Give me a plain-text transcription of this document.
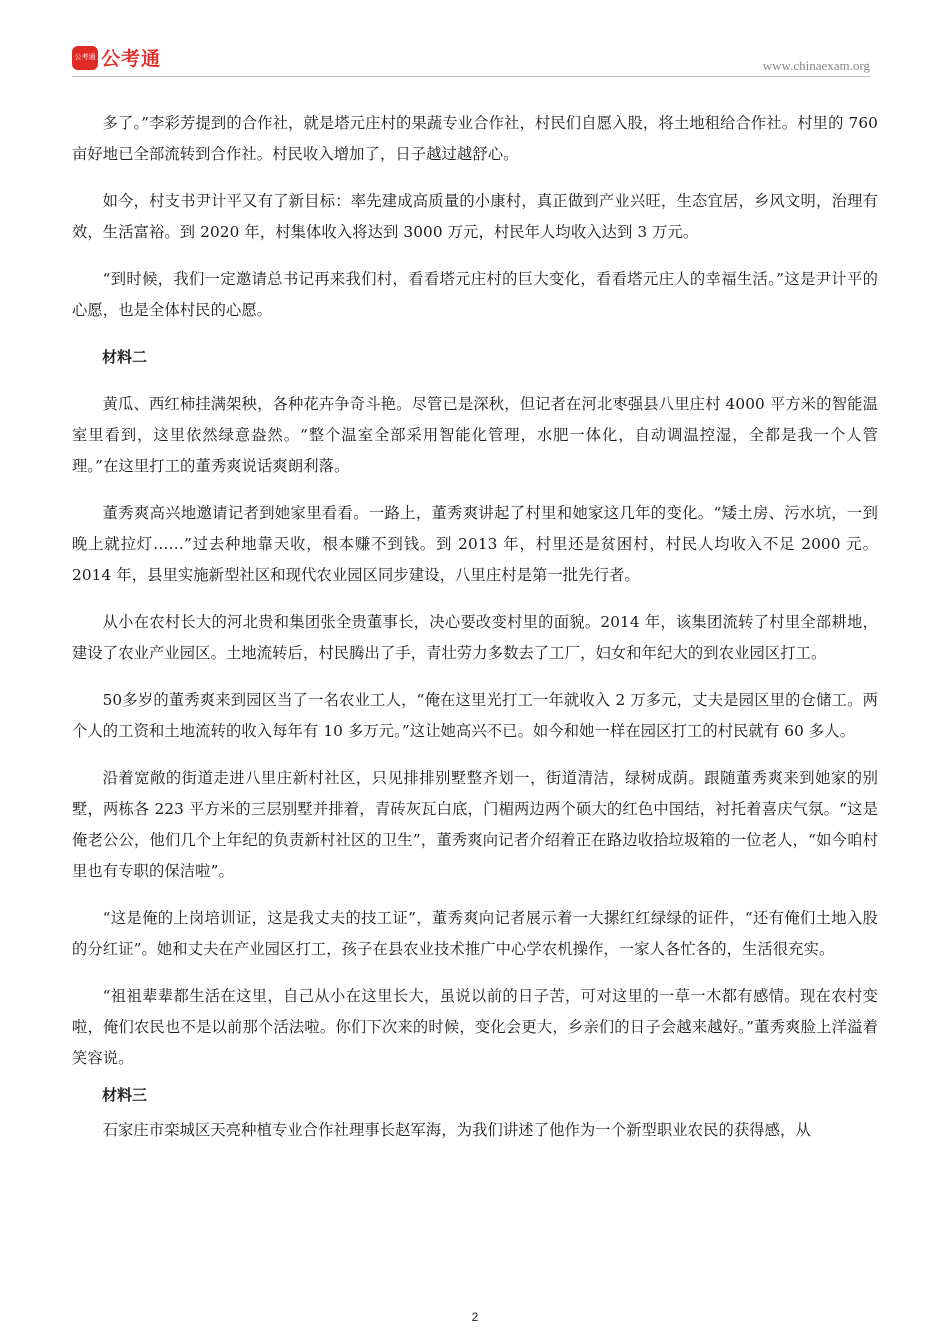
公考通 公考通	www.chinaexam.org

多了。”李彩芳提到的合作社，就是塔元庄村的果蔬专业合作社，村民们自愿入股，将土地租给合作社。村里的 760 亩好地已全部流转到合作社。村民收入增加了，日子越过越舒心。

如今，村支书尹计平又有了新目标：率先建成高质量的小康村，真正做到产业兴旺，生态宜居，乡风文明，治理有效，生活富裕。到 2020 年，村集体收入将达到 3000 万元，村民年人均收入达到 3 万元。

“到时候，我们一定邀请总书记再来我们村，看看塔元庄村的巨大变化，看看塔元庄人的幸福生活。”这是尹计平的心愿，也是全体村民的心愿。

材料二

黄瓜、西红柿挂满架秧，各种花卉争奇斗艳。尽管已是深秋，但记者在河北枣强县八里庄村 4000 平方米的智能温室里看到，这里依然绿意盎然。“整个温室全部采用智能化管理，水肥一体化，自动调温控湿，全都是我一个人管理。”在这里打工的董秀爽说话爽朗利落。

董秀爽高兴地邀请记者到她家里看看。一路上，董秀爽讲起了村里和她家这几年的变化。“矮土房、污水坑，一到晚上就拉灯……”过去种地靠天收，根本赚不到钱。到 2013 年，村里还是贫困村，村民人均收入不足 2000 元。2014 年，县里实施新型社区和现代农业园区同步建设，八里庄村是第一批先行者。

从小在农村长大的河北贵和集团张全贵董事长，决心要改变村里的面貌。2014 年，该集团流转了村里全部耕地，建设了农业产业园区。土地流转后，村民腾出了手，青壮劳力多数去了工厂，妇女和年纪大的到农业园区打工。

50多岁的董秀爽来到园区当了一名农业工人，“俺在这里光打工一年就收入 2 万多元，丈夫是园区里的仓储工。两个人的工资和土地流转的收入每年有 10 多万元。”这让她高兴不已。如今和她一样在园区打工的村民就有 60 多人。

沿着宽敞的街道走进八里庄新村社区，只见排排别墅整齐划一，街道清洁，绿树成荫。跟随董秀爽来到她家的别墅，两栋各 223 平方米的三层别墅并排着，青砖灰瓦白底，门楣两边两个硕大的红色中国结，衬托着喜庆气氛。“这是俺老公公，他们几个上年纪的负责新村社区的卫生”，董秀爽向记者介绍着正在路边收拾垃圾箱的一位老人，“如今咱村里也有专职的保洁啦”。

“这是俺的上岗培训证，这是我丈夫的技工证”，董秀爽向记者展示着一大摞红红绿绿的证件，“还有俺们土地入股的分红证”。她和丈夫在产业园区打工，孩子在县农业技术推广中心学农机操作，一家人各忙各的，生活很充实。

“祖祖辈辈都生活在这里，自己从小在这里长大，虽说以前的日子苦，可对这里的一草一木都有感情。现在农村变啦，俺们农民也不是以前那个活法啦。你们下次来的时候，变化会更大，乡亲们的日子会越来越好。”董秀爽脸上洋溢着笑容说。

材料三

石家庄市栾城区天亮种植专业合作社理事长赵军海，为我们讲述了他作为一个新型职业农民的获得感，从

2
